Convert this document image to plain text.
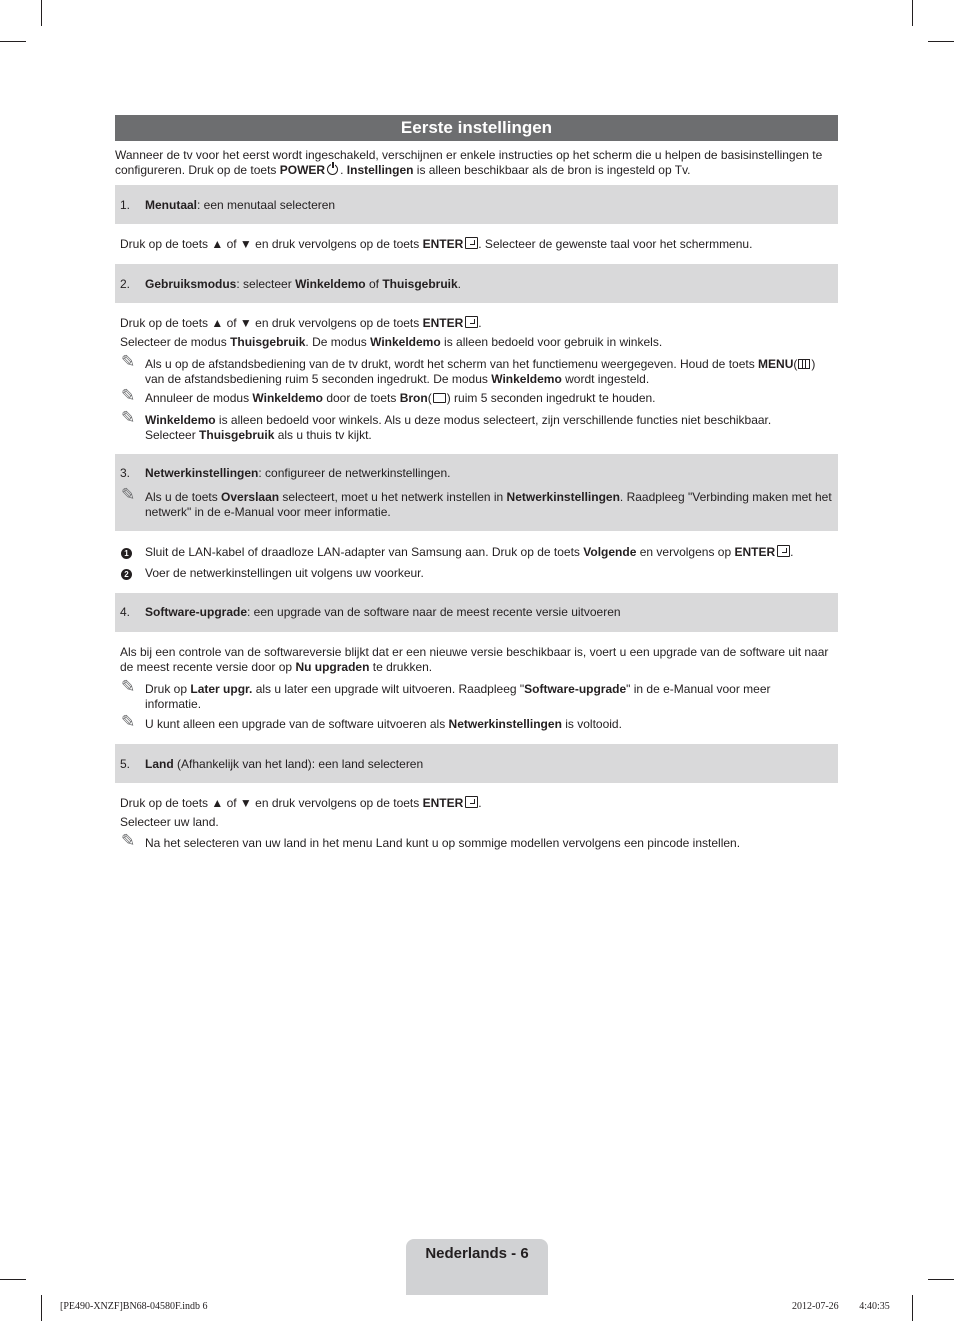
Eerste instellingen

Wanneer de tv voor het eerst wordt ingeschakeld, verschijnen er enkele instructies op het scherm die u helpen de basisinstellingen te configureren. Druk op de toets POWER . Instellingen is alleen beschikbaar als de bron is ingesteld op Tv.

1. Menutaal: een menutaal selecteren

Druk op de toets ▲ of ▼ en druk vervolgens op de toets ENTER . Selecteer de gewenste taal voor het schermmenu.

2. Gebruiksmodus: selecteer Winkeldemo of Thuisgebruik.

Druk op de toets ▲ of ▼ en druk vervolgens op de toets ENTER .

Selecteer de modus Thuisgebruik. De modus Winkeldemo is alleen bedoeld voor gebruik in winkels.

✎ Als u op de afstandsbediening van de tv drukt, wordt het scherm van het functiemenu weergegeven. Houd de toets MENU( ) van de afstandsbediening ruim 5 seconden ingedrukt. De modus Winkeldemo wordt ingesteld.

✎ Annuleer de modus Winkeldemo door de toets Bron( ) ruim 5 seconden ingedrukt te houden.

✎ Winkeldemo is alleen bedoeld voor winkels. Als u deze modus selecteert, zijn verschillende functies niet beschikbaar. Selecteer Thuisgebruik als u thuis tv kijkt.

3. Netwerkinstellingen: configureer de netwerkinstellingen.

✎ Als u de toets Overslaan selecteert, moet u het netwerk instellen in Netwerkinstellingen. Raadpleeg "Verbinding maken met het netwerk" in de e-Manual voor meer informatie.

1 Sluit de LAN-kabel of draadloze LAN-adapter van Samsung aan. Druk op de toets Volgende en vervolgens op ENTER .

2 Voer de netwerkinstellingen uit volgens uw voorkeur.

4. Software-upgrade: een upgrade van de software naar de meest recente versie uitvoeren

Als bij een controle van de softwareversie blijkt dat er een nieuwe versie beschikbaar is, voert u een upgrade van de software uit naar de meest recente versie door op Nu upgraden te drukken.

✎ Druk op Later upgr. als u later een upgrade wilt uitvoeren. Raadpleeg "Software-upgrade" in de e-Manual voor meer informatie.

✎ U kunt alleen een upgrade van de software uitvoeren als Netwerkinstellingen is voltooid.

5. Land (Afhankelijk van het land): een land selecteren

Druk op de toets ▲ of ▼ en druk vervolgens op de toets ENTER .

Selecteer uw land.

✎ Na het selecteren van uw land in het menu Land kunt u op sommige modellen vervolgens een pincode instellen.

Nederlands - 6
[PE490-XNZF]BN68-04580F.indb 6	2012-07-26    4:40:35
